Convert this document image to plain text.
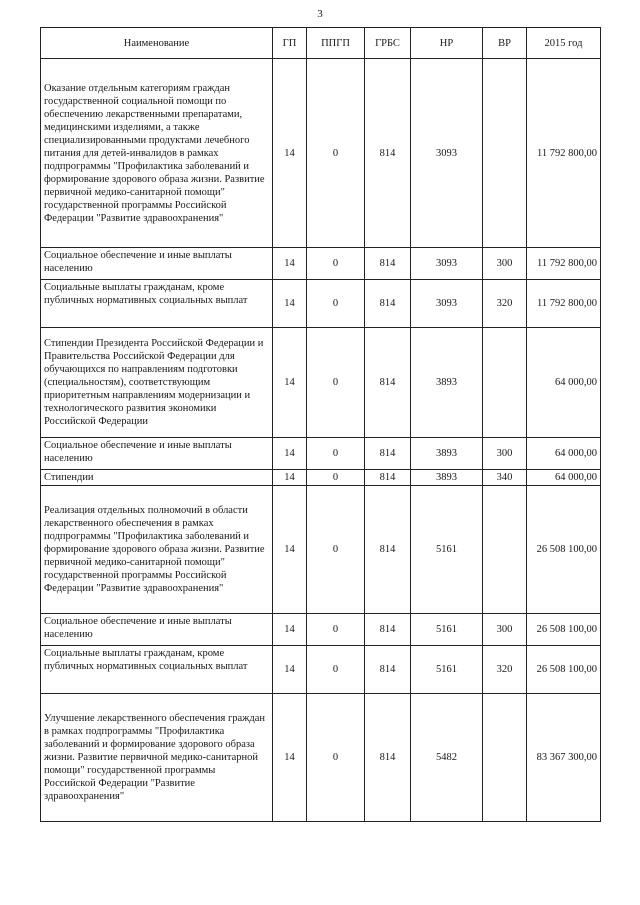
3
Наименование	ГП	ППГП	ГРБС	НР	ВР	2015 год
Оказание отдельным категориям граждан государственной социальной помощи по обеспечению лекарственными препаратами, медицинскими изделиями, а также специализированными продуктами лечебного питания для детей-инвалидов в рамках подпрограммы "Профилактика заболеваний и формирование здорового образа жизни. Развитие первичной медико-санитарной помощи" государственной программы Российской Федерации "Развитие здравоохранения"	14	0	814	3093		11 792 800,00
Социальное обеспечение и иные выплаты населению	14	0	814	3093	300	11 792 800,00
Социальные выплаты гражданам, кроме публичных нормативных социальных выплат	14	0	814	3093	320	11 792 800,00
Стипендии Президента Российской Федерации и Правительства Российской Федерации для обучающихся по направлениям подготовки (специальностям), соответствующим приоритетным направлениям модернизации и технологического развития экономики Российской Федерации	14	0	814	3893		64 000,00
Социальное обеспечение и иные выплаты населению	14	0	814	3893	300	64 000,00
Стипендии	14	0	814	3893	340	64 000,00
Реализация отдельных полномочий в области лекарственного обеспечения в рамках подпрограммы "Профилактика заболеваний и формирование здорового образа жизни. Развитие первичной медико-санитарной помощи" государственной программы Российской Федерации "Развитие здравоохранения"	14	0	814	5161		26 508 100,00
Социальное обеспечение и иные выплаты населению	14	0	814	5161	300	26 508 100,00
Социальные выплаты гражданам, кроме публичных нормативных социальных выплат	14	0	814	5161	320	26 508 100,00
Улучшение лекарственного обеспечения граждан в рамках подпрограммы "Профилактика заболеваний и формирование здорового образа жизни. Развитие первичной медико-санитарной помощи" государственной программы Российской Федерации "Развитие здравоохранения"	14	0	814	5482		83 367 300,00
